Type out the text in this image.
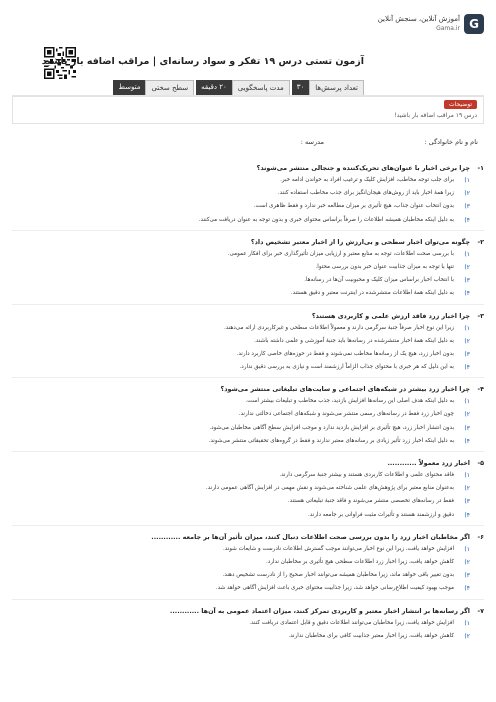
آموزش آنلاین، سنجش آنلاین
Gama.ir G
آزمون تستی درس ۱۹ تفکر و سواد رسانه‌ای | مراقب اضافه بار باشید
تعداد پرسش‌ها
۳۰
مدت پاسخگویی
۲۰ دقیقه
سطح سختی
متوسط
توضیحات
درس ۱۹ مراقب اضافه بار باشید!
نام و نام خانوادگی :
مدرسه :
۱-
چرا برخی اخبار با عنوان‌های تحریک‌کننده و جنجالی منتشر می‌شوند؟
۱)
برای جلب توجه مخاطب، افزایش کلیک و ترغیب افراد به خواندن ادامه خبر.
۲)
زیرا همهٔ اخبار باید از روش‌های هیجان‌انگیز برای جذب مخاطب استفاده کنند.
۳)
بدون انتخاب عنوان جذاب، هیچ تأثیری بر میزان مطالعه خبر ندارد و فقط ظاهری است.
۴)
به دلیل اینکه مخاطبان همیشه اطلاعات را صرفاً براساس محتوای خبری و بدون توجه به عنوان دریافت می‌کنند.
۲-
چگونه می‌توان اخبار سطحی و بی‌ارزش را از اخبار معتبر تشخیص داد؟
۱)
با بررسی صحت اطلاعات، توجه به منابع معتبر و ارزیابی میزان تأثیرگذاری خبر برای افکار عمومی.
۲)
تنها با توجه به میزان جذابیت عنوان خبر بدون بررسی محتوا.
۳)
با انتخاب اخبار براساس میزان کلیک و محبوبیت آن‌ها در رسانه‌ها.
۴)
به دلیل اینکه همهٔ اطلاعات منتشرشده در اینترنت معتبر و دقیق هستند.
۳-
چرا اخبار زرد فاقد ارزش علمی و کاربردی هستند؟
۱)
زیرا این نوع اخبار صرفاً جنبهٔ سرگرمی دارند و معمولاً اطلاعات سطحی و غیرکاربردی ارائه می‌دهند.
۲)
به دلیل اینکه همهٔ اخبار منتشرشده در رسانه‌ها باید جنبهٔ آموزشی و علمی داشته باشند.
۳)
بدون اخبار زرد، هیچ یک از رسانه‌ها مخاطب نمی‌شوند و فقط در حوزه‌های خاصی کاربرد دارند.
۴)
به این دلیل که هر خبری با محتوای جذاب الزاماً ارزشمند است و نیازی به بررسی دقیق ندارد.
۴-
چرا اخبار زرد بیشتر در شبکه‌های اجتماعی و سایت‌های تبلیغاتی منتشر می‌شود؟
۱)
به دلیل اینکه هدف اصلی این رسانه‌ها افزایش بازدید، جذب مخاطب و تبلیغات بیشتر است.
۲)
چون اخبار زرد فقط در رسانه‌های رسمی منتشر می‌شوند و شبکه‌های اجتماعی دخالتی ندارند.
۳)
بدون انتشار اخبار زرد، هیچ تأثیری بر افزایش بازدید ندارد و موجب افزایش سطح آگاهی مخاطبان می‌شود.
۴)
به دلیل اینکه اخبار زرد تأثیر زیادی بر رسانه‌های معتبر ندارند و فقط در گروه‌های تحقیقاتی منتشر می‌شوند.
۵-
اخبار زرد معمولاً ............
۱)
فاقد محتوای علمی و اطلاعات کاربردی هستند و بیشتر جنبهٔ سرگرمی دارند.
۲)
به‌عنوان منابع معتبر برای پژوهش‌های علمی شناخته می‌شوند و نقش مهمی در افزایش آگاهی عمومی دارند.
۳)
فقط در رسانه‌های تخصصی منتشر می‌شوند و فاقد جنبهٔ تبلیغاتی هستند.
۴)
دقیق و ارزشمند هستند و تأثیرات مثبت فراوانی بر جامعه دارند.
۶-
اگر مخاطبان اخبار زرد را بدون بررسی صحت اطلاعات دنبال کنند، میزان تأثیر آن‌ها بر جامعه ............
۱)
افزایش خواهد یافت، زیرا این نوع اخبار می‌توانند موجب گسترش اطلاعات نادرست و شایعات شوند.
۲)
کاهش خواهد یافت، زیرا اخبار زرد اطلاعات سطحی هیچ تأثیری بر مخاطبان ندارد.
۳)
بدون تغییر باقی خواهد ماند، زیرا مخاطبان همیشه می‌توانند اخبار صحیح را از نادرست تشخیص دهند.
۴)
موجب بهبود کیفیت اطلاع‌رسانی خواهد شد، زیرا جذابیت محتوای خبری باعث افزایش آگاهی خواهد شد.
۷-
اگر رسانه‌ها بر انتشار اخبار معتبر و کاربردی تمرکز کنند، میزان اعتماد عمومی به آن‌ها ............
۱)
افزایش خواهد یافت، زیرا مخاطبان می‌توانند اطلاعات دقیق و قابل اعتمادی دریافت کنند.
۲)
کاهش خواهد یافت، زیرا اخبار معتبر جذابیت کافی برای مخاطبان ندارند.
